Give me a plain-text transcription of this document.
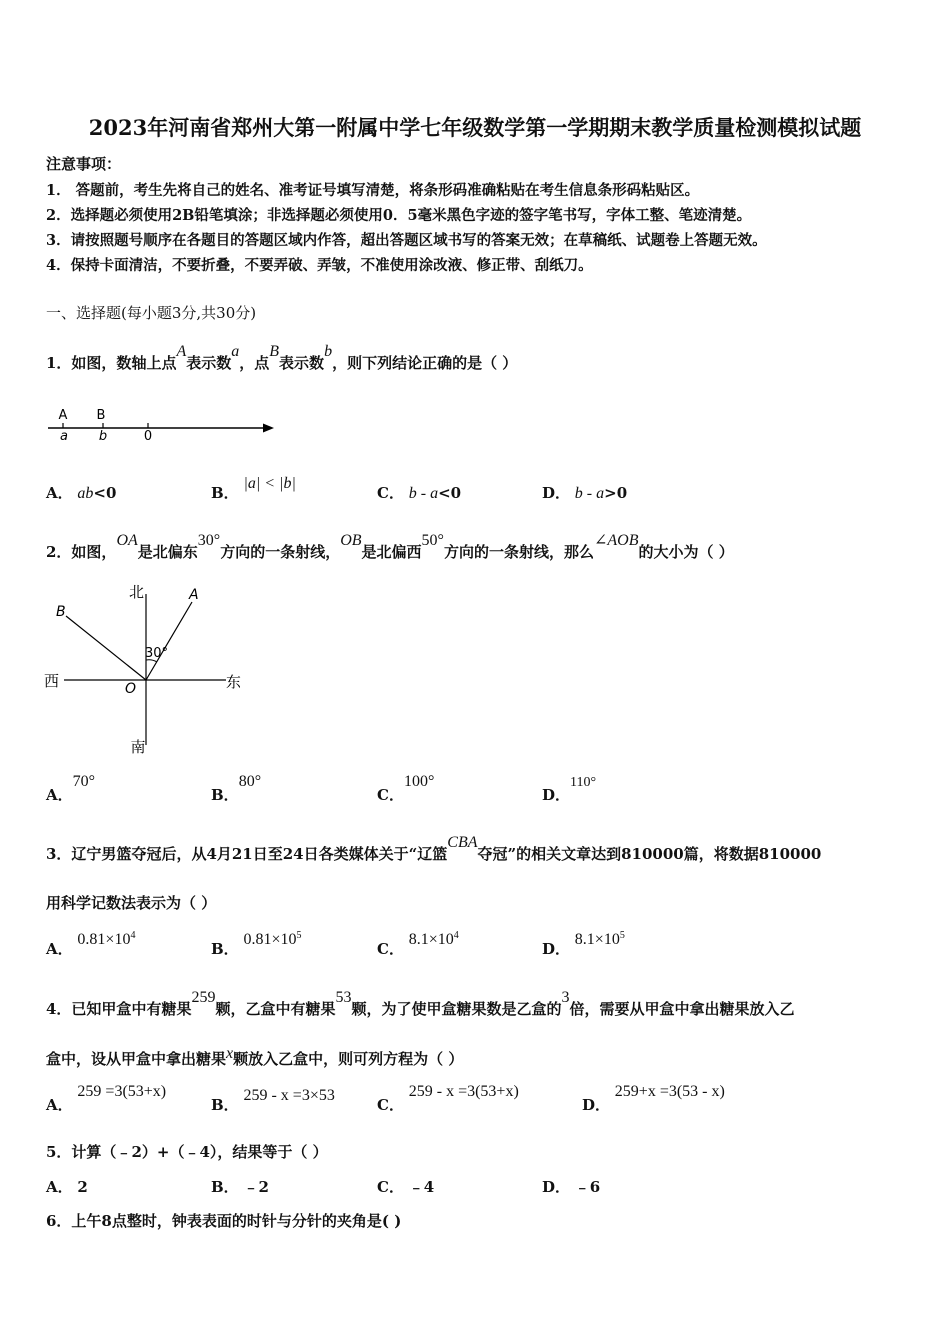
2023年河南省郑州大第一附属中学七年级数学第一学期期末教学质量检测模拟试题
注意事项：
1． 答题前，考生先将自己的姓名、准考证号填写清楚，将条形码准确粘贴在考生信息条形码粘贴区。
2．选择题必须使用2B铅笔填涂；非选择题必须使用0．5毫米黑色字迹的签字笔书写，字体工整、笔迹清楚。
3．请按照题号顺序在各题目的答题区域内作答，超出答题区域书写的答案无效；在草稿纸、试题卷上答题无效。
4．保持卡面清洁，不要折叠，不要弄破、弄皱，不准使用涂改液、修正带、刮纸刀。
一、选择题(每小题3分,共30分)
1．如图，数轴上点A表示数a，点B表示数b，则下列结论正确的是（ ）
A B
a b	0
A． ab<0	B． |a| < |b|
C． b - a<0	D． b - a>0
2．如图，OA是北偏东30°方向的一条射线，OB是北偏西50°方向的一条射线，那么∠AOB的大小为（ ）
北
南
西	东
A
B
O
30°
A．70°
B．80°
C．100°
D．110°
3．辽宁男篮夺冠后，从4月21日至24日各类媒体关于“辽篮CBA夺冠”的相关文章达到810000篇，将数据810000
用科学记数法表示为（ ）
A． $0.81\times 10^4$
B． $0.81\times 10^5$
C． $8.1\times 10^4$
D． $8.1\times 10^5$
4．已知甲盒中有糖果259颗，乙盒中有糖果53颗，为了使甲盒糖果数是乙盒的3倍，需要从甲盒中拿出糖果放入乙
盒中，设从甲盒中拿出糖果x颗放入乙盒中，则可列方程为（ ）
A． 259 =3(53+x)
B． 259 - x =3×53
C． 259 - x =3(53+x)
D． 259+x =3(53 - x)
5．计算（﹣2）+（﹣4），结果等于（ ）
A． 2	B． ﹣2	C． ﹣4	D． ﹣6
6．上午8点整时，钟表表面的时针与分针的夹角是( )
